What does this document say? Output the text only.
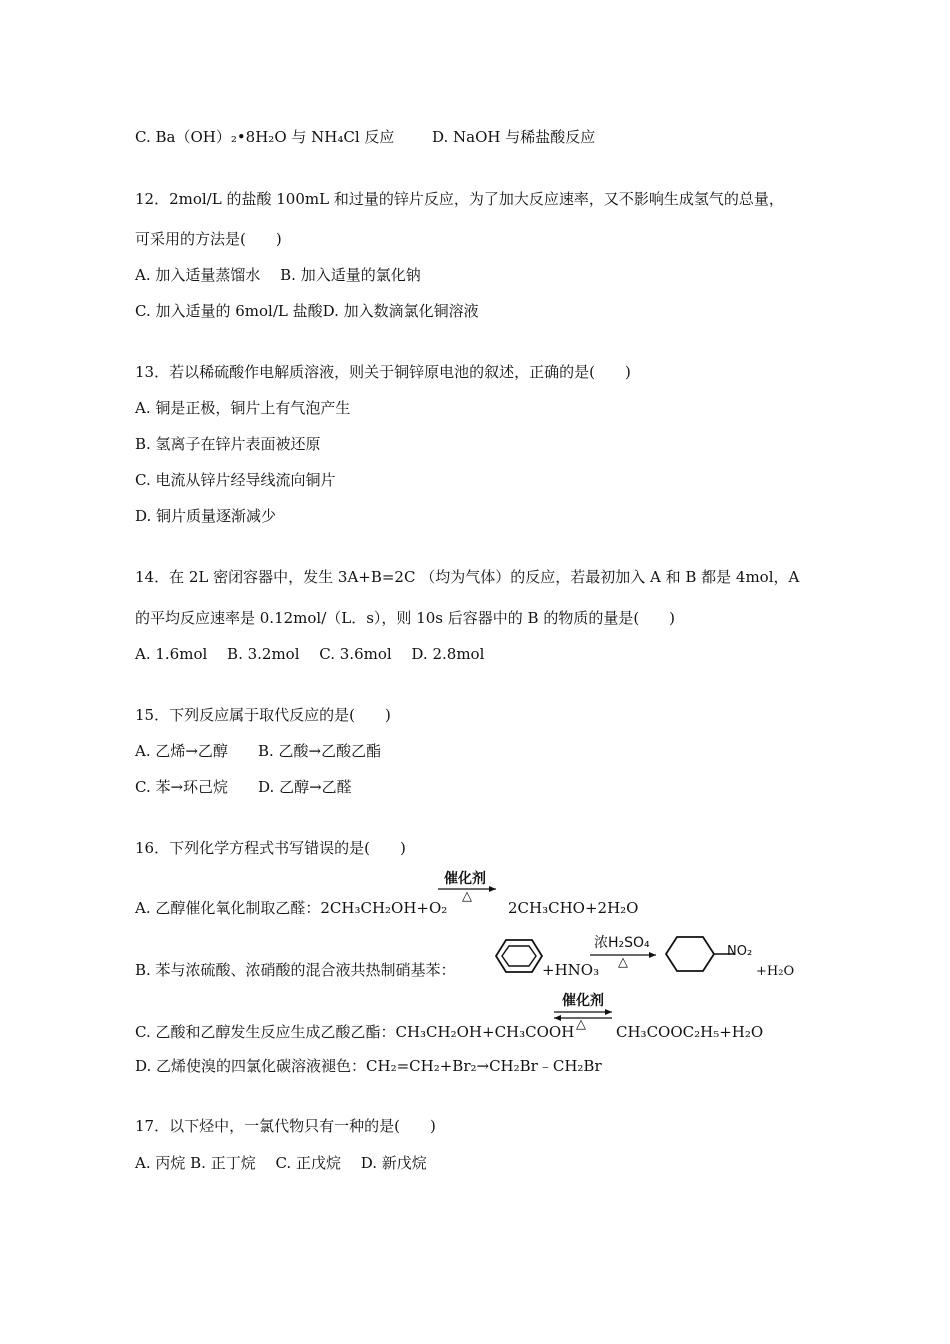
C. Ba（OH）₂•8H₂O 与 NH₄Cl 反应	D. NaOH 与稀盐酸反应
12．2mol/L 的盐酸 100mL 和过量的锌片反应，为了加大反应速率，又不影响生成氢气的总量，
可采用的方法是(　　)
A. 加入适量蒸馏水　 B. 加入适量的氯化钠
C. 加入适量的 6mol/L 盐酸D. 加入数滴氯化铜溶液
13．若以稀硫酸作电解质溶液，则关于铜锌原电池的叙述，正确的是(　　)
A. 铜是正极，铜片上有气泡产生
B. 氢离子在锌片表面被还原
C. 电流从锌片经导线流向铜片
D. 铜片质量逐渐减少
14．在 2L 密闭容器中，发生 3A+B=2C （均为气体）的反应，若最初加入 A 和 B 都是 4mol，A
的平均反应速率是 0.12mol/（L．s），则 10s 后容器中的 B 的物质的量是(　　)
A. 1.6mol　 B. 3.2mol　 C. 3.6mol　 D. 2.8mol
15．下列反应属于取代反应的是(　　)
A. 乙烯→乙醇　　B. 乙酸→乙酸乙酯
C. 苯→环己烷　　D. 乙醇→乙醛
16．下列化学方程式书写错误的是(　　)
A. 乙醇催化氧化制取乙醛：2CH₃CH₂OH+O₂
催化剂
△
2CH₃CHO+2H₂O
B. 苯与浓硫酸、浓硝酸的混合液共热制硝基苯：	+HNO₃
浓H₂SO₄
△
NO₂
+H₂O
C. 乙酸和乙醇发生反应生成乙酸乙酯：CH₃CH₂OH+CH₃COOH
催化剂
△ CH₃COOC₂H₅+H₂O
D. 乙烯使溴的四氯化碳溶液褪色：CH₂=CH₂+Br₂→CH₂Br﹣CH₂Br
17．以下烃中，一氯代物只有一种的是(　　)
A. 丙烷 B. 正丁烷　 C. 正戊烷　 D. 新戊烷
